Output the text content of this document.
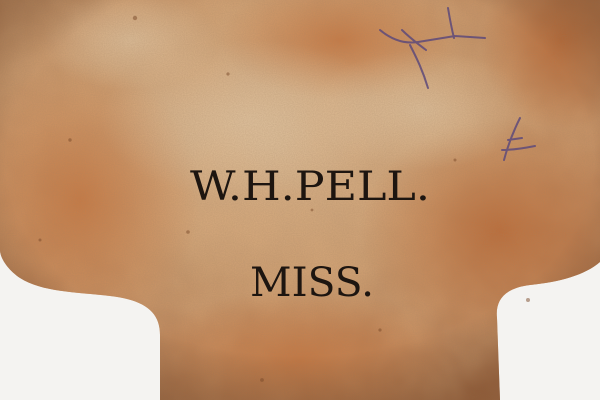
W.H.PELL.
MISS.
